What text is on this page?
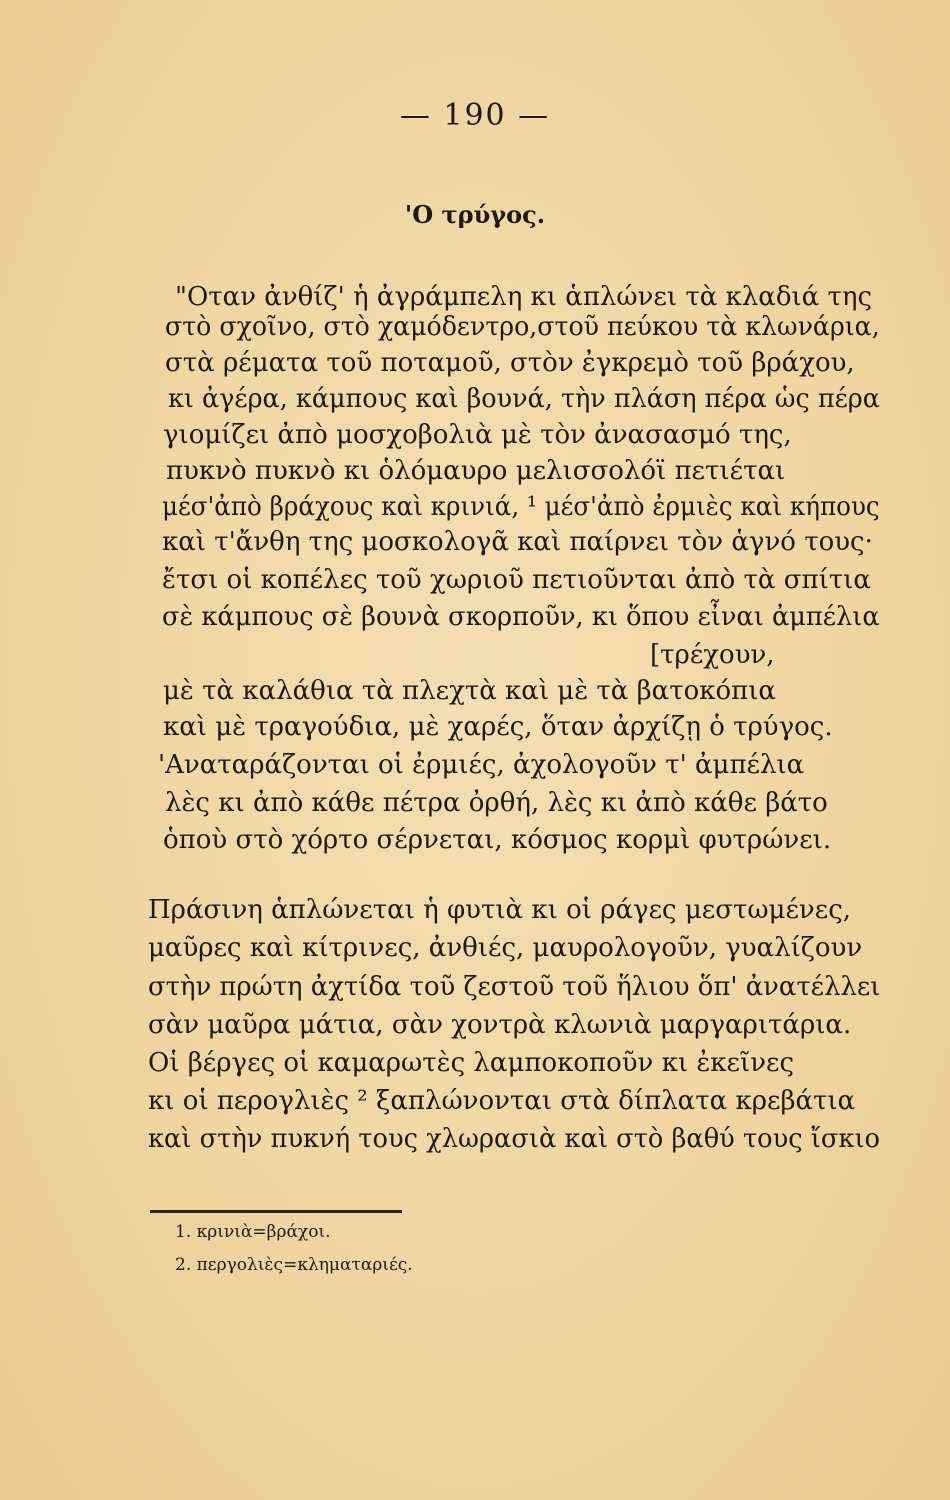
— 190 —
'Ο τρύγος.
"Οταν ἀνθίζ' ἡ ἀγράμπελη κι ἁπλώνει τὰ κλαδιά της
στὸ σχοῖνο, στὸ χαμόδεντρο,στοῦ πεύκου τὰ κλωνάρια,
στὰ ρέματα τοῦ ποταμοῦ, στὸν ἐγκρεμὸ τοῦ βράχου,
κι ἀγέρα, κάμπους καὶ βουνά, τὴν πλάση πέρα ὡς πέρα
γιομίζει ἀπὸ μοσχοβολιὰ μὲ τὸν ἀνασασμό της,
πυκνὸ πυκνὸ κι ὁλόμαυρο μελισσολόϊ πετιέται
μέσ'ἀπὸ βράχους καὶ κρινιά, ¹ μέσ'ἀπὸ ἐρμιὲς καὶ κήπους
καὶ τ'ἄνθη της μοσκολογᾶ καὶ παίρνει τὸν ἁγνό τους·
ἔτσι οἱ κοπέλες τοῦ χωριοῦ πετιοῦνται ἀπὸ τὰ σπίτια
σὲ κάμπους σὲ βουνὰ σκορποῦν, κι ὅπου εἶναι ἀμπέλια
[τρέχουν,
μὲ τὰ καλάθια τὰ πλεχτὰ καὶ μὲ τὰ βατοκόπια
καὶ μὲ τραγούδια, μὲ χαρές, ὅταν ἀρχίζῃ ὁ τρύγος.
'Αναταράζονται οἱ ἐρμιές, ἀχολογοῦν τ' ἀμπέλια
λὲς κι ἀπὸ κάθε πέτρα ὀρθή, λὲς κι ἀπὸ κάθε βάτο
ὁποὺ στὸ χόρτο σέρνεται, κόσμος κορμὶ φυτρώνει.
Πράσινη ἁπλώνεται ἡ φυτιὰ κι οἱ ράγες μεστωμένες,
μαῦρες καὶ κίτρινες, ἀνθιές, μαυρολογοῦν, γυαλίζουν
στὴν πρώτη ἀχτίδα τοῦ ζεστοῦ τοῦ ἥλιου ὅπ' ἀνατέλλει
σὰν μαῦρα μάτια, σὰν χοντρὰ κλωνιὰ μαργαριτάρια.
Οἱ βέργες οἱ καμαρωτὲς λαμποκοποῦν κι ἐκεῖνες
κι οἱ περογλιὲς ² ξαπλώνονται στὰ δίπλατα κρεβάτια
καὶ στὴν πυκνή τους χλωρασιὰ καὶ στὸ βαθύ τους ἴσκιο
1. κρινιὰ=βράχοι.
2. περγολιὲς=κληματαριές.
